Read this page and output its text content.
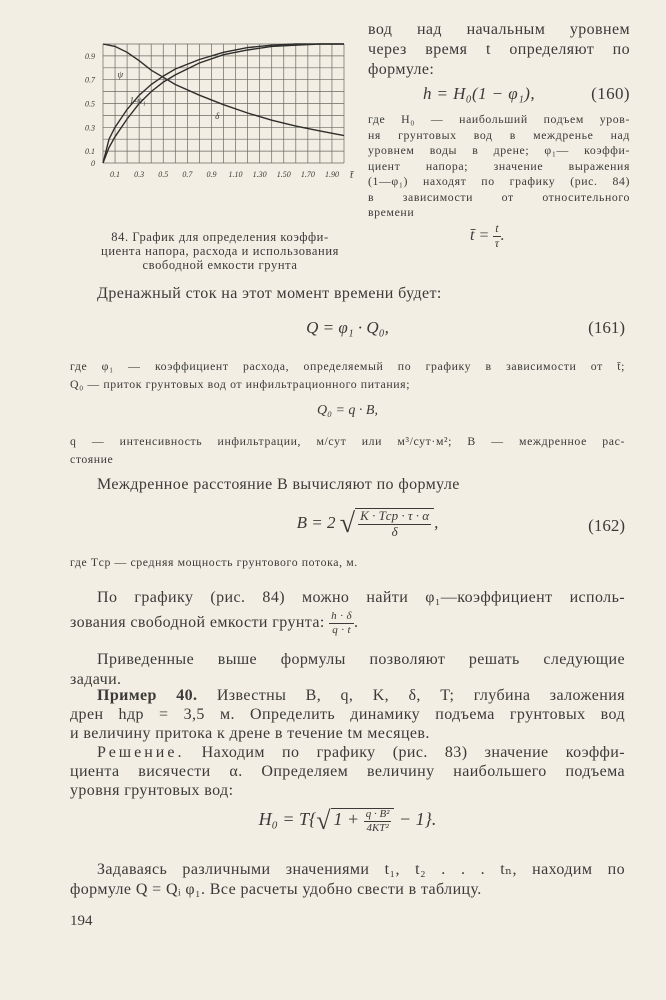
0
0.1
0.3
0.5
0.7
0.9
0.1 0.3 0.5 0.7 0.9 1.10 1.30 1.50 1.70 1.90 t̄
ψ
1-ψ₁
δ
84. График для определения коэффи-
циента напора, расхода и использования
свободной емкости грунта
вод над начальным уровнем
через время t определяют по
формуле:
h = H₀(1 − φ₁),	(160)
где H₀ — наибольший подъем уров-
ня грунтовых вод в междренье над
уровнем воды в дрене; φ₁— коэффи-
циент напора; значение выражения
(1—φ₁) находят по графику (рис. 84)
в зависимости от относительного
времени
t̄ = $\frac{t}{\tau}$ .
Дренажный сток на этот момент времени будет:
Q = φ₁ · Q₀,	(161)
где φ₁ — коэффициент расхода, определяемый по графику в зависимости от t̄;
Q₀ — приток грунтовых вод от инфильтрационного питания;
Q₀ = q · B,
q — интенсивность инфильтрации, м/сут или м³/сут·м²; B — междренное рас-
стояние
Междренное расстояние B вычисляют по формуле
B = 2 √ $\frac{\text{K · Tср · τ · α}}{\delta}$ ,	(162)
где Tср — средняя мощность грунтового потока, м.
По графику (рис. 84) можно найти φ₁—коэффициент исполь-
зования свободной емкости грунта: $\frac{h \cdot \delta}{q \cdot t}$ .
Приведенные выше формулы позволяют решать следующие
задачи.
Пример 40. Известны B, q, K, δ, T; глубина заложения
дрен hдр = 3,5 м. Определить динамику подъема грунтовых вод
и величину притока к дрене в течение tм месяцев.
Решение. Находим по графику (рис. 83) значение коэффи-
циента висячести α. Определяем величину наибольшего подъема
уровня грунтовых вод:
H₀ = T{√ $1 + \frac{\text{q · B²}}{\text{4KT²}} - 1$}.
Задаваясь различными значениями t₁, t₂ . . . tₙ, находим по
формуле Q = Qᵢ φ₁. Все расчеты удобно свести в таблицу.
194
